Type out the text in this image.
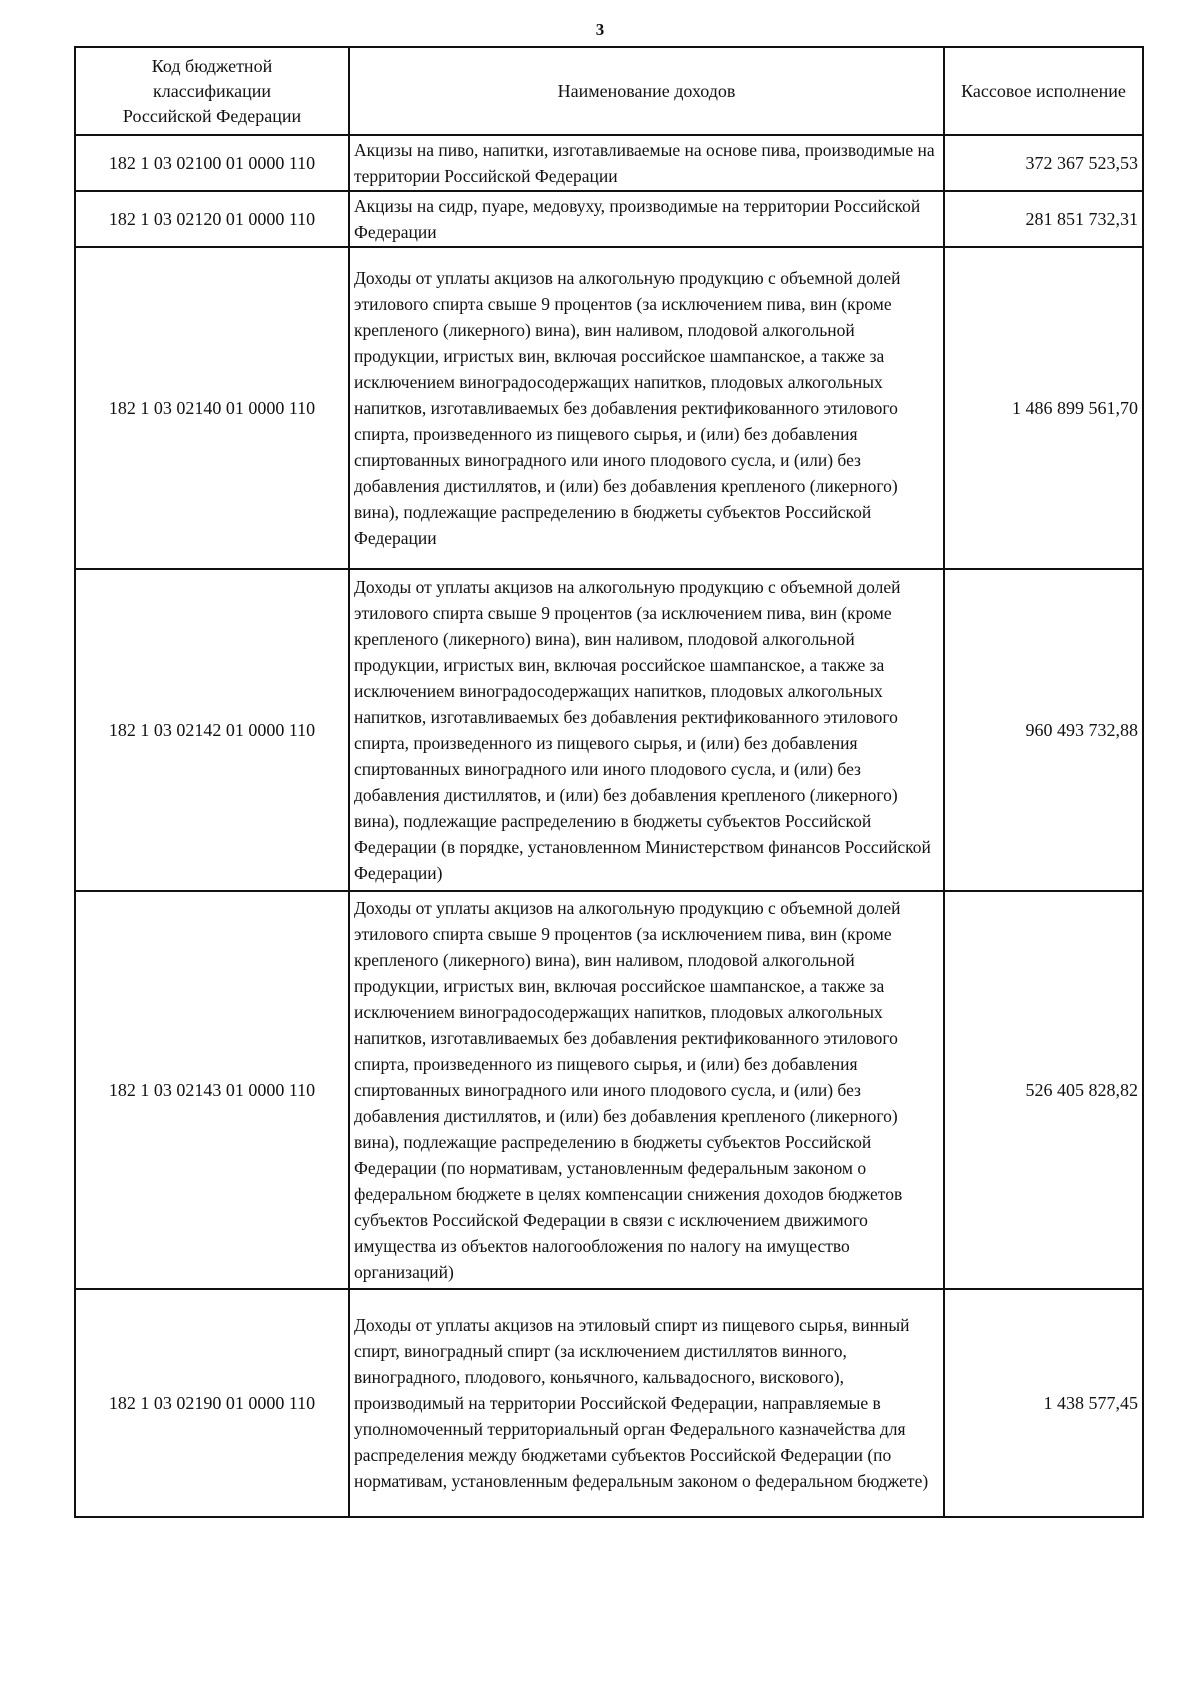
3
Код бюджетной классификации Российской Федерации	Наименование доходов	Кассовое исполнение
182 1 03 02100 01 0000 110	Акцизы на пиво, напитки, изготавливаемые на основе пива, производимые на территории Российской Федерации	372 367 523,53
182 1 03 02120 01 0000 110	Акцизы на сидр, пуаре, медовуху, производимые на территории Российской Федерации	281 851 732,31
182 1 03 02140 01 0000 110	Доходы от уплаты акцизов на алкогольную продукцию с объемной долей этилового спирта свыше 9 процентов (за исключением пива, вин (кроме крепленого (ликерного) вина), вин наливом, плодовой алкогольной продукции, игристых вин, включая российское шампанское, а также за исключением виноградосодержащих напитков, плодовых алкогольных напитков, изготавливаемых без добавления ректификованного этилового спирта, произведенного из пищевого сырья, и (или) без добавления спиртованных виноградного или иного плодового сусла, и (или) без добавления дистиллятов, и (или) без добавления крепленого (ликерного) вина), подлежащие распределению в бюджеты субъектов Российской Федерации	1 486 899 561,70
182 1 03 02142 01 0000 110	Доходы от уплаты акцизов на алкогольную продукцию с объемной долей этилового спирта свыше 9 процентов (за исключением пива, вин (кроме крепленого (ликерного) вина), вин наливом, плодовой алкогольной продукции, игристых вин, включая российское шампанское, а также за исключением виноградосодержащих напитков, плодовых алкогольных напитков, изготавливаемых без добавления ректификованного этилового спирта, произведенного из пищевого сырья, и (или) без добавления спиртованных виноградного или иного плодового сусла, и (или) без добавления дистиллятов, и (или) без добавления крепленого (ликерного) вина), подлежащие распределению в бюджеты субъектов Российской Федерации (в порядке, установленном Министерством финансов Российской Федерации)	960 493 732,88
182 1 03 02143 01 0000 110	Доходы от уплаты акцизов на алкогольную продукцию с объемной долей этилового спирта свыше 9 процентов (за исключением пива, вин (кроме крепленого (ликерного) вина), вин наливом, плодовой алкогольной продукции, игристых вин, включая российское шампанское, а также за исключением виноградосодержащих напитков, плодовых алкогольных напитков, изготавливаемых без добавления ректификованного этилового спирта, произведенного из пищевого сырья, и (или) без добавления спиртованных виноградного или иного плодового сусла, и (или) без добавления дистиллятов, и (или) без добавления крепленого (ликерного) вина), подлежащие распределению в бюджеты субъектов Российской Федерации (по нормативам, установленным федеральным законом о федеральном бюджете в целях компенсации снижения доходов бюджетов субъектов Российской Федерации в связи с исключением движимого имущества из объектов налогообложения по налогу на имущество организаций)	526 405 828,82
182 1 03 02190 01 0000 110	Доходы от уплаты акцизов на этиловый спирт из пищевого сырья, винный спирт, виноградный спирт (за исключением дистиллятов винного, виноградного, плодового, коньячного, кальвадосного, вискового), производимый на территории Российской Федерации, направляемые в уполномоченный территориальный орган Федерального казначейства для распределения между бюджетами субъектов Российской Федерации (по нормативам, установленным федеральным законом о федеральном бюджете)	1 438 577,45
